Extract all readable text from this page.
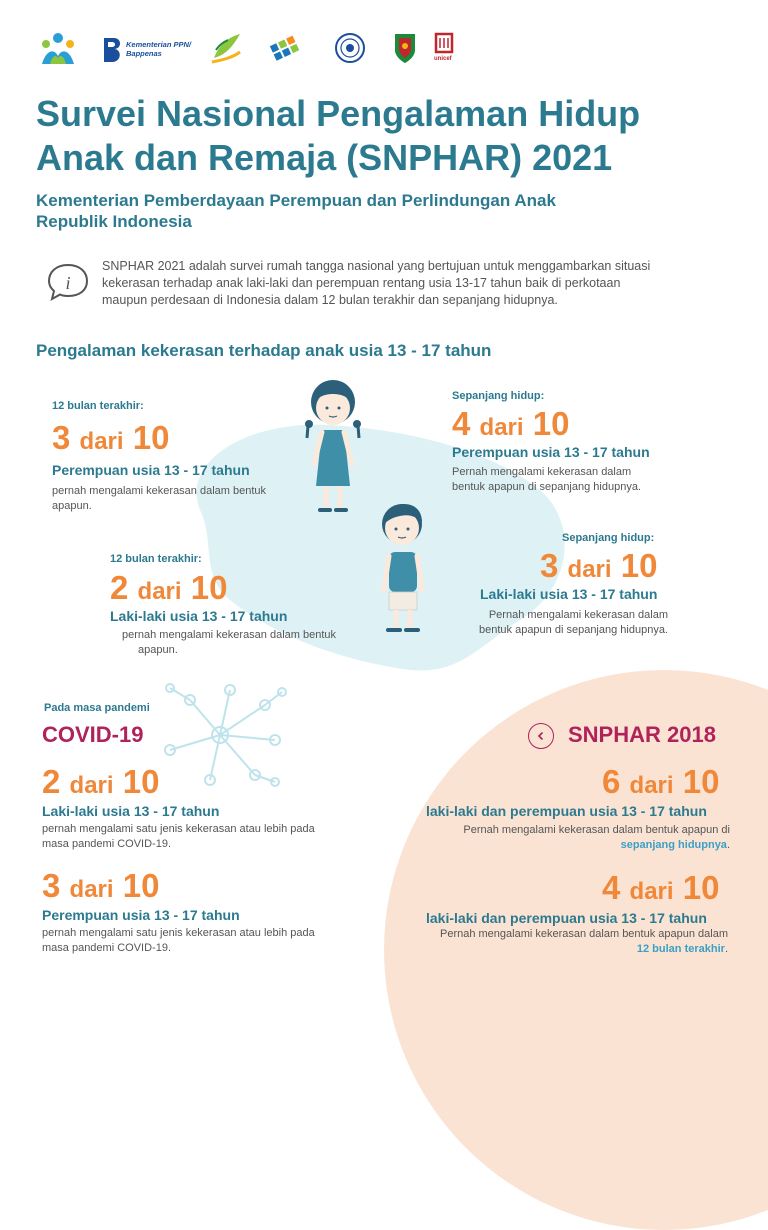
Kementerian PPN/
Bappenas
unicef
Survei Nasional Pengalaman Hidup
Anak dan Remaja (SNPHAR) 2021
Kementerian Pemberdayaan Perempuan dan Perlindungan Anak
Republik Indonesia
i
SNPHAR 2021 adalah survei rumah tangga nasional yang bertujuan untuk menggambarkan situasi
kekerasan terhadap anak laki-laki dan perempuan rentang usia 13-17 tahun baik di perkotaan
maupun perdesaan di Indonesia dalam 12 bulan terakhir dan sepanjang hidupnya.
Pengalaman kekerasan terhadap anak usia 13 - 17 tahun
12 bulan terakhir:
3 dari 10
Perempuan usia 13 - 17 tahun
pernah mengalami kekerasan dalam bentuk
apapun.
Sepanjang hidup:
4 dari 10
Perempuan usia 13 - 17 tahun
Pernah mengalami kekerasan dalam
bentuk apapun di sepanjang hidupnya.
12 bulan terakhir:
2 dari 10
Laki-laki usia 13 - 17 tahun
pernah mengalami kekerasan dalam bentuk
apapun.
Sepanjang hidup:
3 dari 10
Laki-laki usia 13 - 17 tahun
Pernah mengalami kekerasan dalam
bentuk apapun di sepanjang hidupnya.
Pada masa pandemi
COVID-19
2 dari 10
Laki-laki usia 13 - 17 tahun
pernah mengalami satu jenis kekerasan atau lebih pada
masa pandemi COVID-19.
3 dari 10
Perempuan usia 13 - 17 tahun
pernah mengalami satu jenis kekerasan atau lebih pada
masa pandemi COVID-19.
SNPHAR 2018
6 dari 10
laki-laki dan perempuan usia 13 - 17 tahun
Pernah mengalami kekerasan dalam bentuk apapun di
sepanjang hidupnya.
4 dari 10
laki-laki dan perempuan usia 13 - 17 tahun
Pernah mengalami kekerasan dalam bentuk apapun dalam
12 bulan terakhir.
